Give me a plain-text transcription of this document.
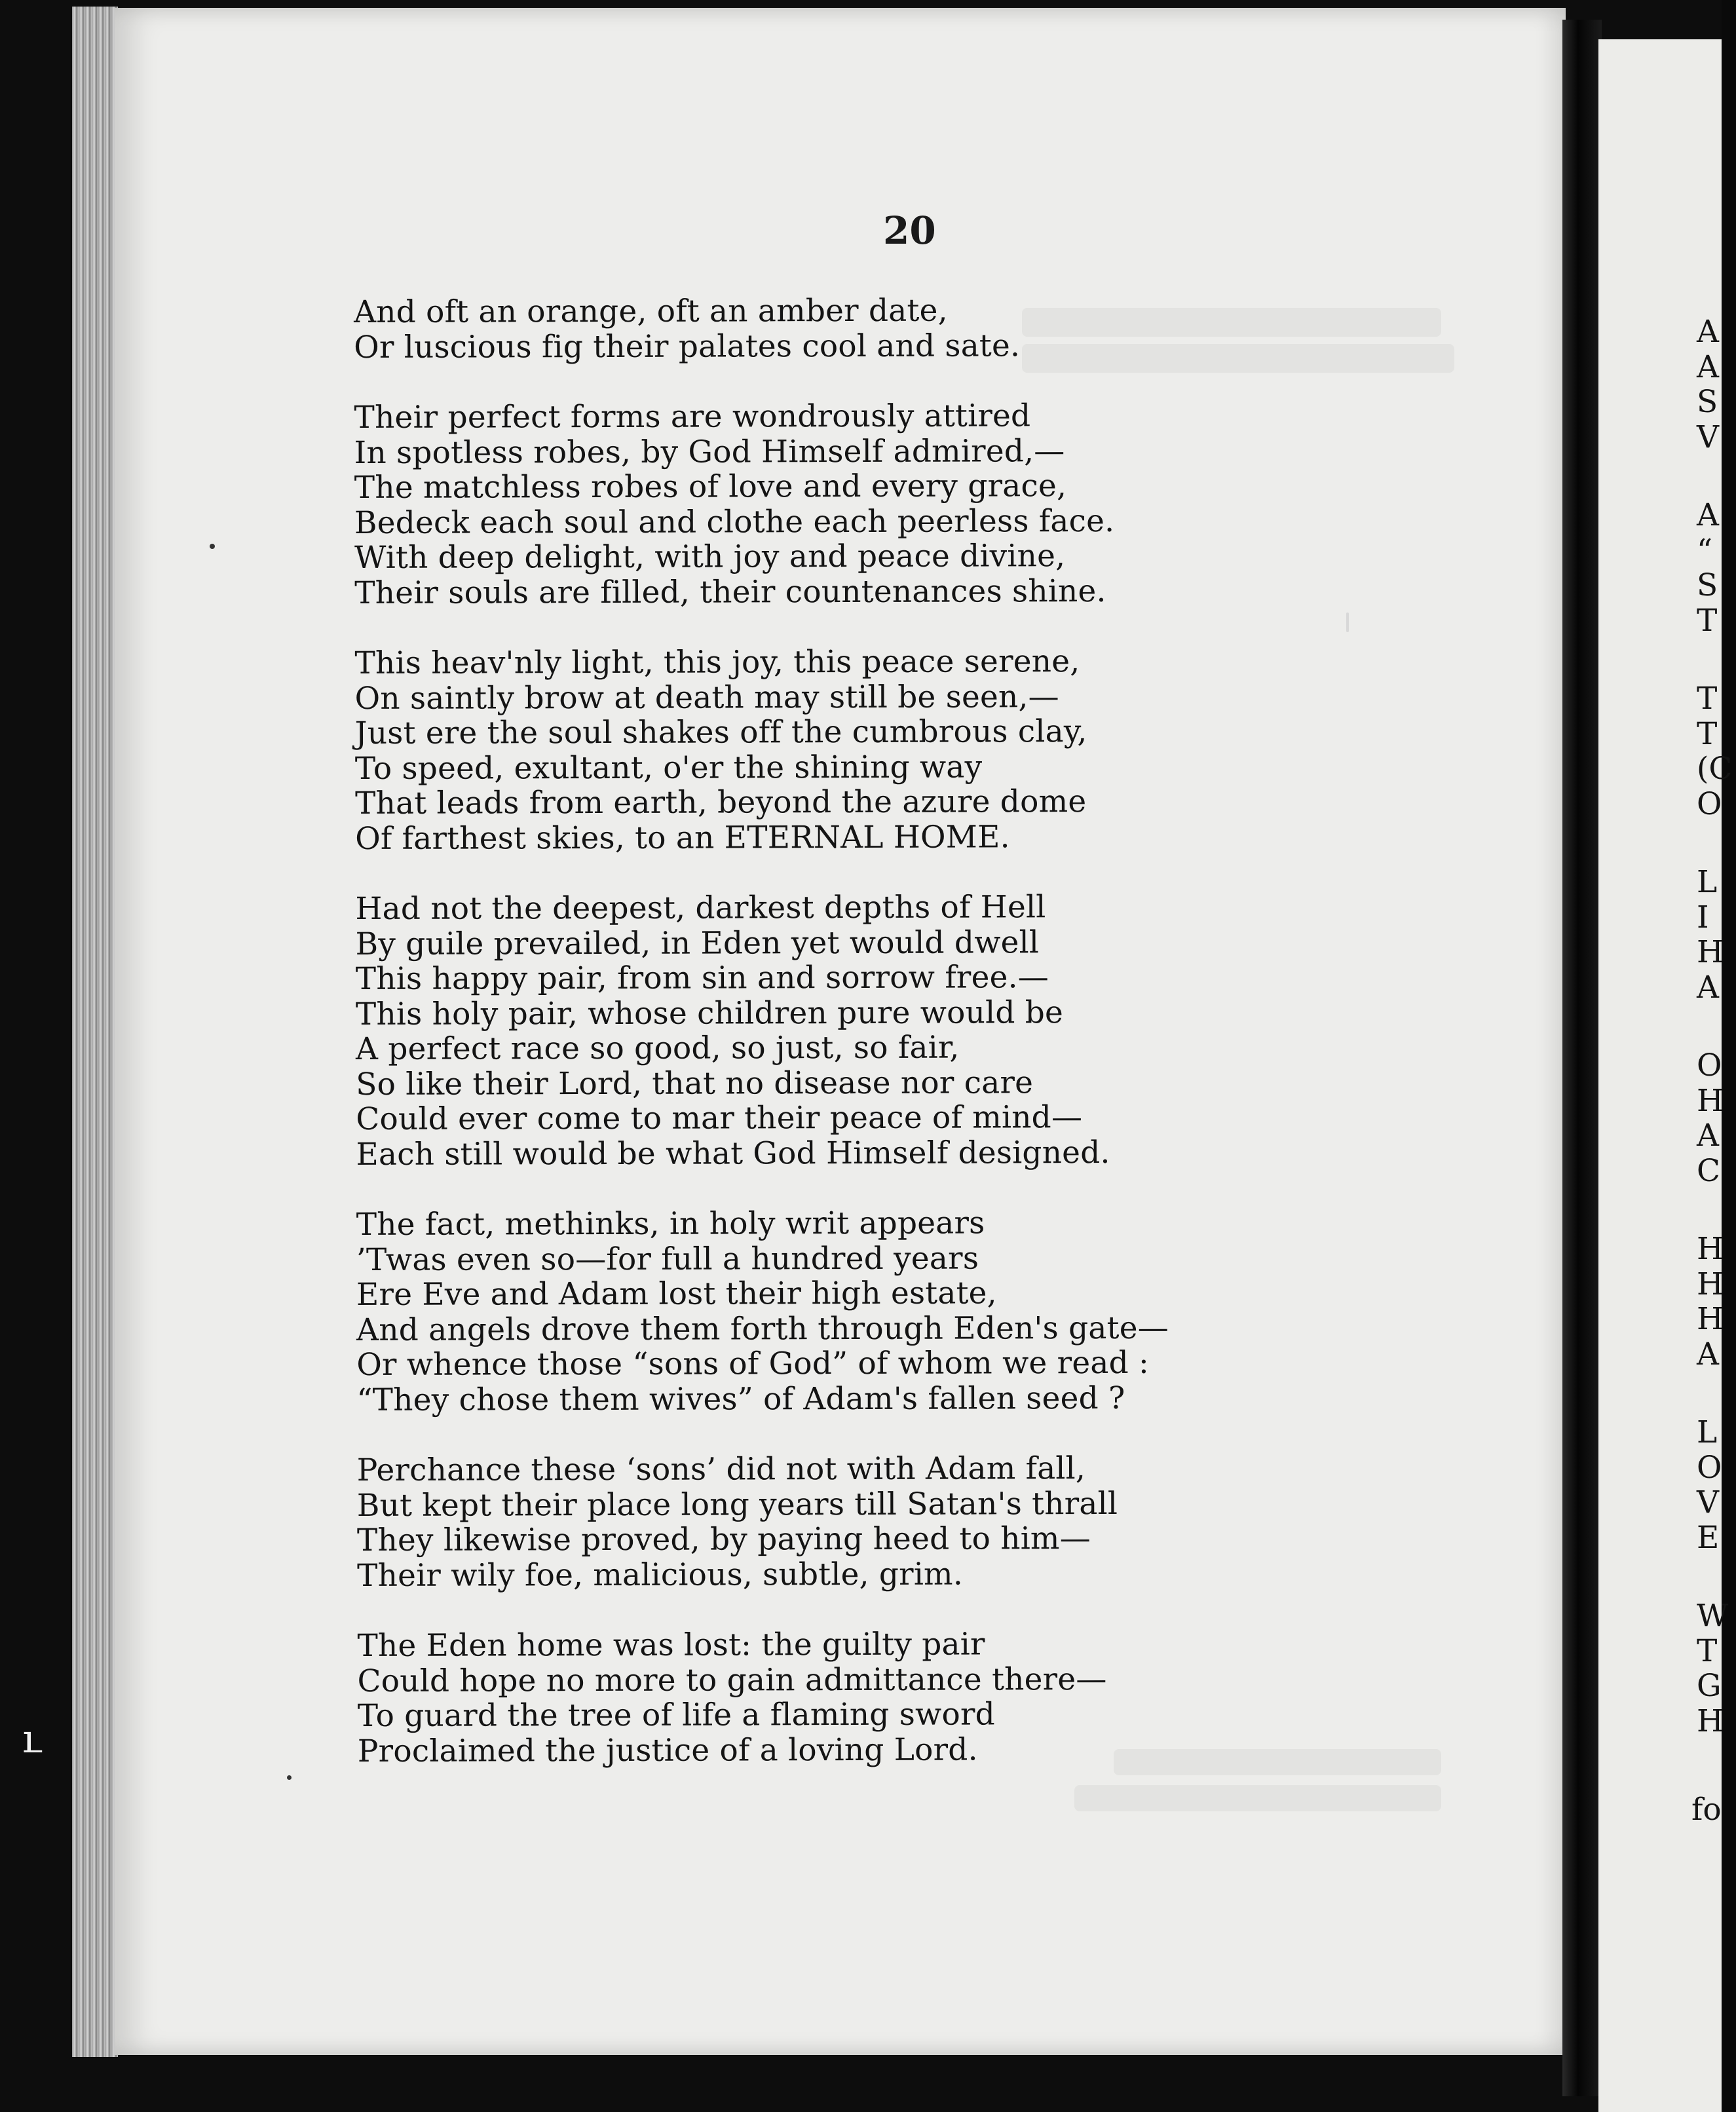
ւ
20
And oft an orange, oft an amber date,
Or luscious fig their palates cool and sate.
Their perfect forms are wondrously attired
In spotless robes, by God Himself admired,—
The matchless robes of love and every grace,
Bedeck each soul and clothe each peerless face.
With deep delight, with joy and peace divine,
Their souls are filled, their countenances shine.
This heav'nly light, this joy, this peace serene,
On saintly brow at death may still be seen,—
Just ere the soul shakes off the cumbrous clay,
To speed, exultant, o'er the shining way
That leads from earth, beyond the azure dome
Of farthest skies, to an ETERNAL HOME.
Had not the deepest, darkest depths of Hell
By guile prevailed, in Eden yet would dwell
This happy pair, from sin and sorrow free.—
This holy pair, whose children pure would be
A perfect race so good, so just, so fair,
So like their Lord, that no disease nor care
Could ever come to mar their peace of mind—
Each still would be what God Himself designed.
The fact, methinks, in holy writ appears
’Twas even so—for full a hundred years
Ere Eve and Adam lost their high estate,
And angels drove them forth through Eden's gate—
Or whence those “sons of God” of whom we read :
“They chose them wives” of Adam's fallen seed ?
Perchance these ‘sons’ did not with Adam fall,
But kept their place long years till Satan's thrall
They likewise proved, by paying heed to him—
Their wily foe, malicious, subtle, grim.
The Eden home was lost: the guilty pair
Could hope no more to gain admittance there—
To guard the tree of life a flaming sword
Proclaimed the justice of a loving Lord.
A
A
S
V
A
“
S
T
T
T
(C
O
L
I
H
A
O
H
A
C
H
H
H
A
L
O
V
E
W
T
G
H
fo
